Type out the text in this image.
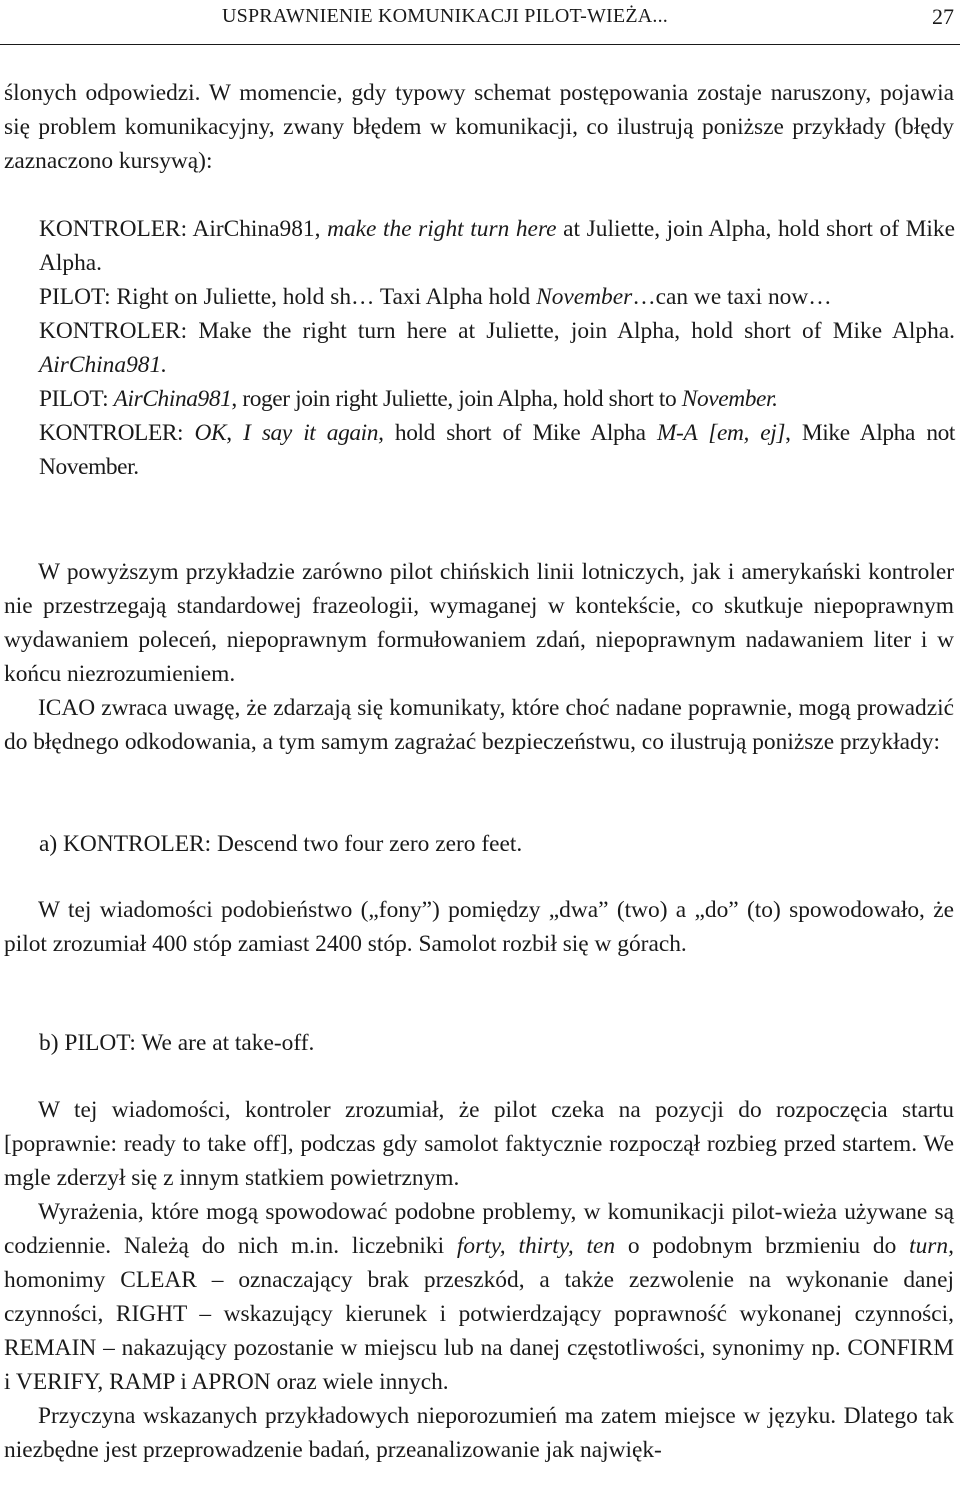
USPRAWNIENIE KOMUNIKACJI PILOT-WIEŻA...	27

ślonych odpowiedzi. W momencie, gdy typowy schemat postępowania zostaje naruszony, pojawia się problem komunikacyjny, zwany błędem w komunikacji, co ilustrują poniższe przykłady (błędy zaznaczono kursywą):

KONTROLER: AirChina981, make the right turn here at Juliette, join Alpha, hold short of Mike Alpha.

PILOT: Right on Juliette, hold sh… Taxi Alpha hold November…can we taxi now…

KONTROLER: Make the right turn here at Juliette, join Alpha, hold short of Mike Alpha. AirChina981.

PILOT: AirChina981, roger join right Juliette, join Alpha, hold short to November.

KONTROLER: OK, I say it again, hold short of Mike Alpha M-A [em, ej], Mike Alpha not November.

W powyższym przykładzie zarówno pilot chińskich linii lotniczych, jak i amerykański kontroler nie przestrzegają standardowej frazeologii, wymaganej w kontekście, co skutkuje niepoprawnym wydawaniem poleceń, niepoprawnym formułowaniem zdań, niepoprawnym nadawaniem liter i w końcu niezrozumieniem.

ICAO zwraca uwagę, że zdarzają się komunikaty, które choć nadane poprawnie, mogą prowadzić do błędnego odkodowania, a tym samym zagrażać bezpieczeństwu, co ilustrują poniższe przykłady:

a) KONTROLER: Descend two four zero zero feet.

W tej wiadomości podobieństwo („fony”) pomiędzy „dwa” (two) a „do” (to) spowodowało, że pilot zrozumiał 400 stóp zamiast 2400 stóp. Samolot rozbił się w górach.

b) PILOT: We are at take-off.

W tej wiadomości, kontroler zrozumiał, że pilot czeka na pozycji do rozpoczęcia startu [poprawnie: ready to take off], podczas gdy samolot faktycznie rozpoczął rozbieg przed startem. We mgle zderzył się z innym statkiem powietrznym.

Wyrażenia, które mogą spowodować podobne problemy, w komunikacji pilot-wieża używane są codziennie. Należą do nich m.in. liczebniki forty, thirty, ten o podobnym brzmieniu do turn, homonimy CLEAR – oznaczający brak przeszkód, a także zezwolenie na wykonanie danej czynności, RIGHT – wskazujący kierunek i potwierdzający poprawność wykonanej czynności, REMAIN – nakazujący pozostanie w miejscu lub na danej częstotliwości, synonimy np. CONFIRM i VERIFY, RAMP i APRON oraz wiele innych.

Przyczyna wskazanych przykładowych nieporozumień ma zatem miejsce w języku. Dlatego tak niezbędne jest przeprowadzenie badań, przeanalizowanie jak najwięk-
